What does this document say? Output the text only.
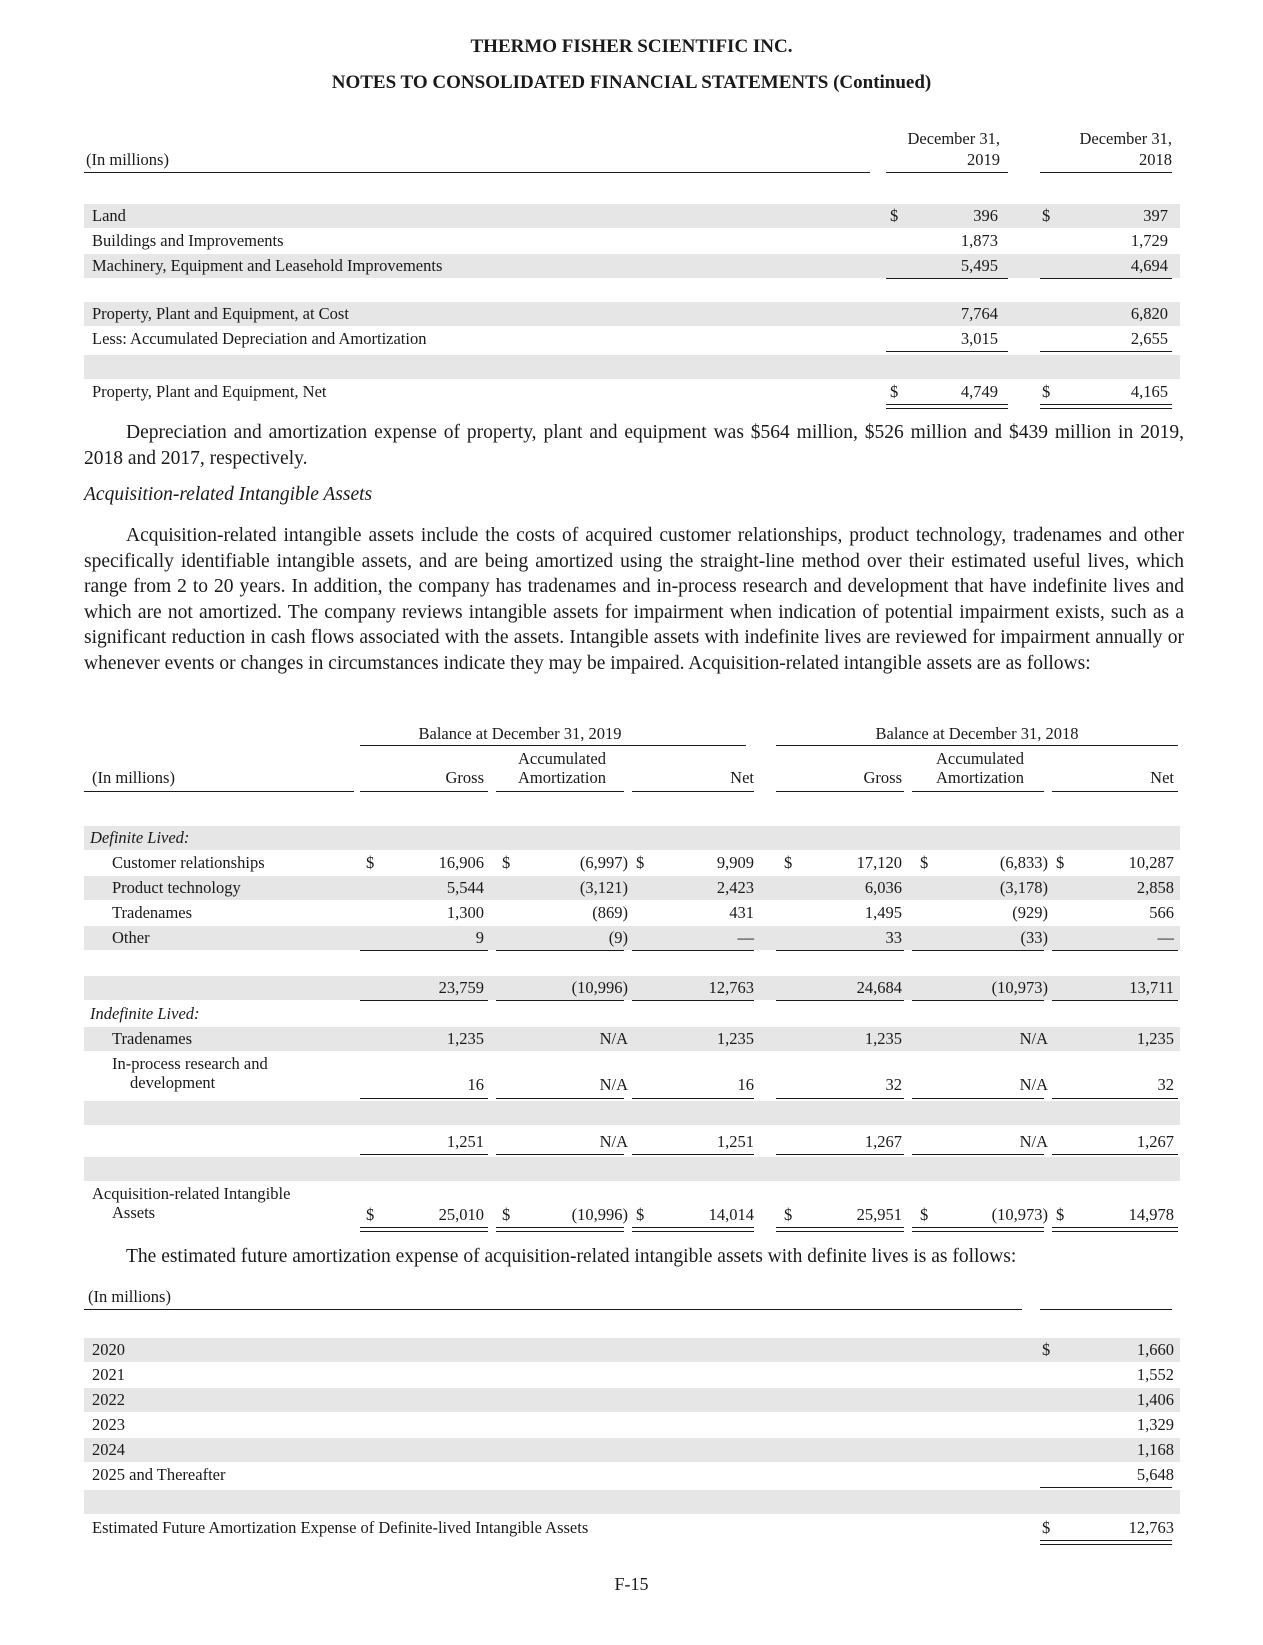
THERMO FISHER SCIENTIFIC INC.
NOTES TO CONSOLIDATED FINANCIAL STATEMENTS (Continued)
(In millions)
December 31,
2019
December 31,
2018
Land	$	396	$	397
Buildings and Improvements	1,873	1,729
Machinery, Equipment and Leasehold Improvements	5,495	4,694
Property, Plant and Equipment, at Cost	7,764	6,820
Less: Accumulated Depreciation and Amortization	3,015	2,655
Property, Plant and Equipment, Net	$	4,749	$	4,165
Depreciation and amortization expense of property, plant and equipment was $564 million, $526 million and $439 million in 2019, 2018 and 2017, respectively.
Acquisition-related Intangible Assets
Acquisition-related intangible assets include the costs of acquired customer relationships, product technology, tradenames and other specifically identifiable intangible assets, and are being amortized using the straight-line method over their estimated useful lives, which range from 2 to 20 years. In addition, the company has tradenames and in-process research and development that have indefinite lives and which are not amortized. The company reviews intangible assets for impairment when indication of potential impairment exists, such as a significant reduction in cash flows associated with the assets. Intangible assets with indefinite lives are reviewed for impairment annually or whenever events or changes in circumstances indicate they may be impaired. Acquisition-related intangible assets are as follows:
Balance at December 31, 2019	Balance at December 31, 2018
(In millions)	Gross
Accumulated
Amortization	Net	Gross
Accumulated
Amortization	Net
Definite Lived:
Customer relationships	$	16,906 $	(6,997) $	9,909 $	17,120 $	(6,833) $	10,287
Product technology	5,544	(3,121)	2,423	6,036	(3,178)	2,858
Tradenames	1,300	(869)	431	1,495	(929)	566
Other	9	(9)	—	33	(33)	—
23,759	(10,996)	12,763	24,684	(10,973)	13,711
Indefinite Lived:
Tradenames	1,235	N/A	1,235	1,235	N/A	1,235
In-process research and
development	16	N/A	16	32	N/A	32
1,251	N/A	1,251	1,267	N/A	1,267
Acquisition-related Intangible
Assets	$	25,010 $	(10,996) $	14,014 $	25,951 $	(10,973) $	14,978
The estimated future amortization expense of acquisition-related intangible assets with definite lives is as follows:
(In millions)
2020	$	1,660
2021	1,552
2022	1,406
2023	1,329
2024	1,168
2025 and Thereafter	5,648
Estimated Future Amortization Expense of Definite-lived Intangible Assets	$	12,763
F-15
